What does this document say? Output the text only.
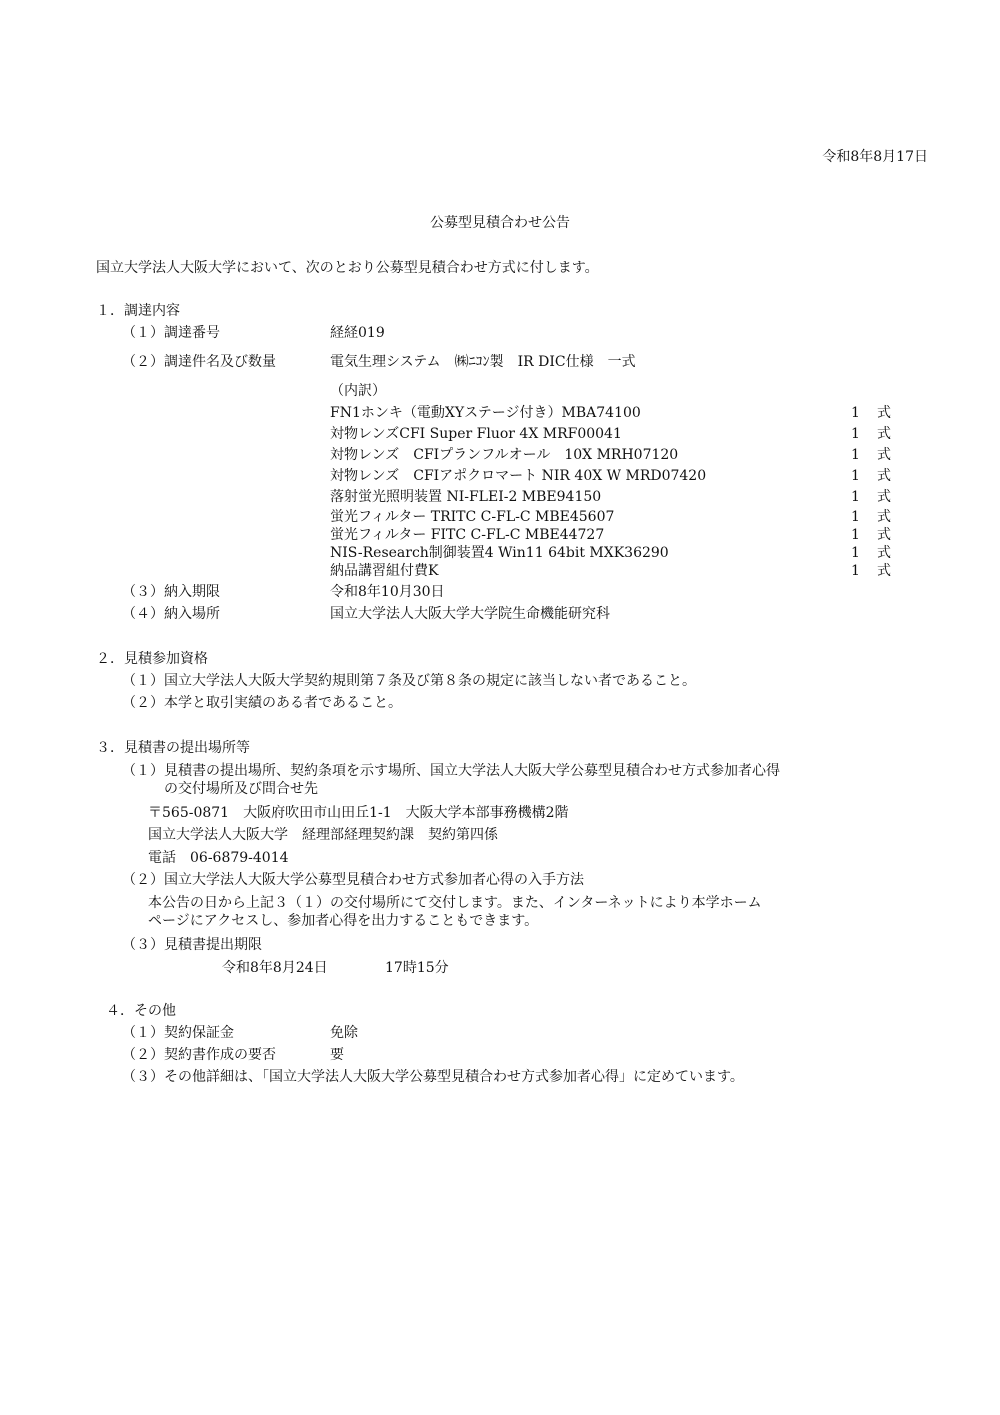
令和8年8月17日
公募型見積合わせ公告
国立大学法人大阪大学において、次のとおり公募型見積合わせ方式に付します。
１．調達内容
（１）調達番号	経経019
（２）調達件名及び数量	電気生理システム　㈱ﾆｺﾝ製　IR DIC仕様　一式
（内訳）
FN1ホンキ（電動XYステージ付き）MBA74100	1 式
対物レンズCFI Super Fluor 4X MRF00041	1 式
対物レンズ　CFIプランフルオール　10X MRH07120	1 式
対物レンズ　CFIアポクロマート NIR 40X W MRD07420	1 式
落射蛍光照明装置 NI-FLEI-2 MBE94150	1 式
蛍光フィルター TRITC C-FL-C MBE45607	1 式
蛍光フィルター FITC C-FL-C MBE44727	1 式
NIS-Research制御装置4 Win11 64bit MXK36290	1 式
納品講習組付費K	1 式
（３）納入期限	令和8年10月30日
（４）納入場所	国立大学法人大阪大学大学院生命機能研究科
２．見積参加資格
（１）国立大学法人大阪大学契約規則第７条及び第８条の規定に該当しない者であること。
（２）本学と取引実績のある者であること。
３．見積書の提出場所等
（１）見積書の提出場所、契約条項を示す場所、国立大学法人大阪大学公募型見積合わせ方式参加者心得
の交付場所及び問合せ先
〒565-0871　大阪府吹田市山田丘1-1　大阪大学本部事務機構2階
国立大学法人大阪大学　経理部経理契約課　契約第四係
電話　06-6879-4014
（２）国立大学法人大阪大学公募型見積合わせ方式参加者心得の入手方法
本公告の日から上記３（１）の交付場所にて交付します。また、インターネットにより本学ホーム
ページにアクセスし、参加者心得を出力することもできます。
（３）見積書提出期限
令和8年8月24日	17時15分
４．その他
（１）契約保証金	免除
（２）契約書作成の要否	要
（３）その他詳細は、「国立大学法人大阪大学公募型見積合わせ方式参加者心得」に定めています。
